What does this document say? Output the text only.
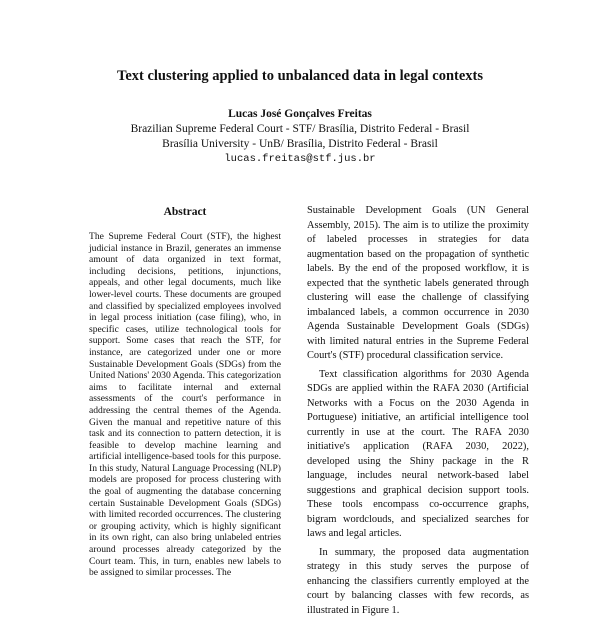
Text clustering applied to unbalanced data in legal contexts
Lucas José Gonçalves Freitas
Brazilian Supreme Federal Court - STF/ Brasília, Distrito Federal - Brasil
Brasília University - UnB/ Brasília, Distrito Federal - Brasil
lucas.freitas@stf.jus.br
Abstract

The Supreme Federal Court (STF), the highest judicial instance in Brazil, generates an immense amount of data organized in text format, including decisions, petitions, injunctions, appeals, and other legal documents, much like lower-level courts. These documents are grouped and classified by specialized employees involved in legal process initiation (case filing), who, in specific cases, utilize technological tools for support. Some cases that reach the STF, for instance, are categorized under one or more Sustainable Development Goals (SDGs) from the United Nations' 2030 Agenda. This categorization aims to facilitate internal and external assessments of the court's performance in addressing the central themes of the Agenda. Given the manual and repetitive nature of this task and its connection to pattern detection, it is feasible to develop machine learning and artificial intelligence-based tools for this purpose. In this study, Natural Language Processing (NLP) models are proposed for process clustering with the goal of augmenting the database concerning certain Sustainable Development Goals (SDGs) with limited recorded occurrences. The clustering or grouping activity, which is highly significant in its own right, can also bring unlabeled entries around processes already categorized by the Court team. This, in turn, enables new labels to be assigned to similar processes. The

Sustainable Development Goals (UN General Assembly, 2015). The aim is to utilize the proximity of labeled processes in strategies for data augmentation based on the propagation of synthetic labels. By the end of the proposed workflow, it is expected that the synthetic labels generated through clustering will ease the challenge of classifying imbalanced labels, a common occurrence in 2030 Agenda Sustainable Development Goals (SDGs) with limited natural entries in the Supreme Federal Court's (STF) procedural classification service.

Text classification algorithms for 2030 Agenda SDGs are applied within the RAFA 2030 (Artificial Networks with a Focus on the 2030 Agenda in Portuguese) initiative, an artificial intelligence tool currently in use at the court. The RAFA 2030 initiative's application (RAFA 2030, 2022), developed using the Shiny package in the R language, includes neural network-based label suggestions and graphical decision support tools. These tools encompass co-occurrence graphs, bigram wordclouds, and specialized searches for laws and legal articles.

In summary, the proposed data augmentation strategy in this study serves the purpose of enhancing the classifiers currently employed at the court by balancing classes with few records, as illustrated in Figure 1.
